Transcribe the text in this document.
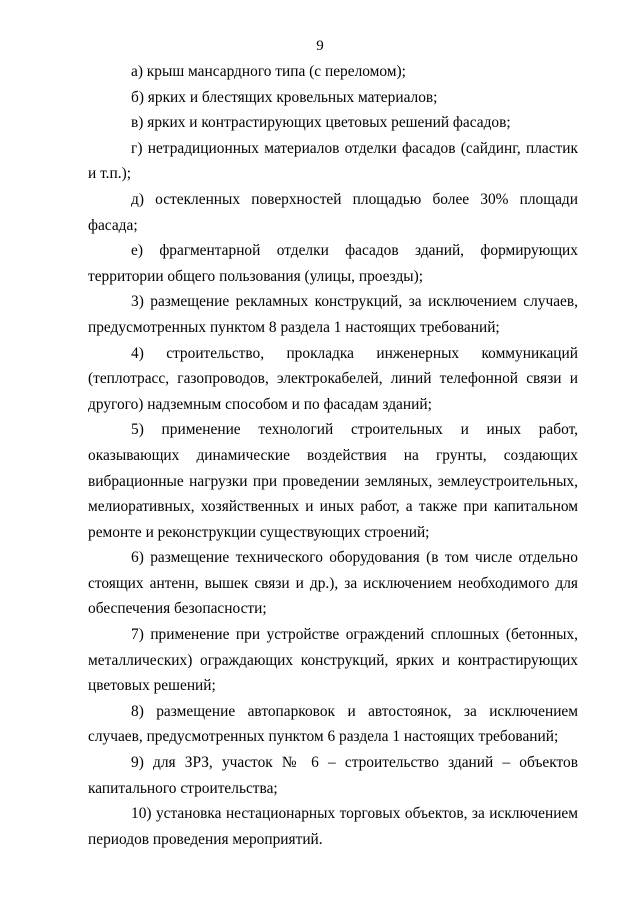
9

а) крыш мансардного типа (с переломом);

б) ярких и блестящих кровельных материалов;

в) ярких и контрастирующих цветовых решений фасадов;

г) нетрадиционных материалов отделки фасадов (сайдинг, пластик и т.п.);

д) остекленных поверхностей площадью более 30% площади фасада;

е) фрагментарной отделки фасадов зданий, формирующих территории общего пользования (улицы, проезды);

3) размещение рекламных конструкций, за исключением случаев, предусмотренных пунктом 8 раздела 1 настоящих требований;

4) строительство, прокладка инженерных коммуникаций (теплотрасс, газопроводов, электрокабелей, линий телефонной связи и другого) надземным способом и по фасадам зданий;

5) применение технологий строительных и иных работ, оказывающих динамические воздействия на грунты, создающих вибрационные нагрузки при проведении земляных, землеустроительных, мелиоративных, хозяйственных и иных работ, а также при капитальном ремонте и реконструкции существующих строений;

6) размещение технического оборудования (в том числе отдельно стоящих антенн, вышек связи и др.), за исключением необходимого для обеспечения безопасности;

7) применение при устройстве ограждений сплошных (бетонных, металлических) ограждающих конструкций, ярких и контрастирующих цветовых решений;

8) размещение автопарковок и автостоянок, за исключением случаев, предусмотренных пунктом 6 раздела 1 настоящих требований;

9) для ЗРЗ, участок № 6 – строительство зданий – объектов капитального строительства;

10) установка нестационарных торговых объектов, за исключением периодов проведения мероприятий.
